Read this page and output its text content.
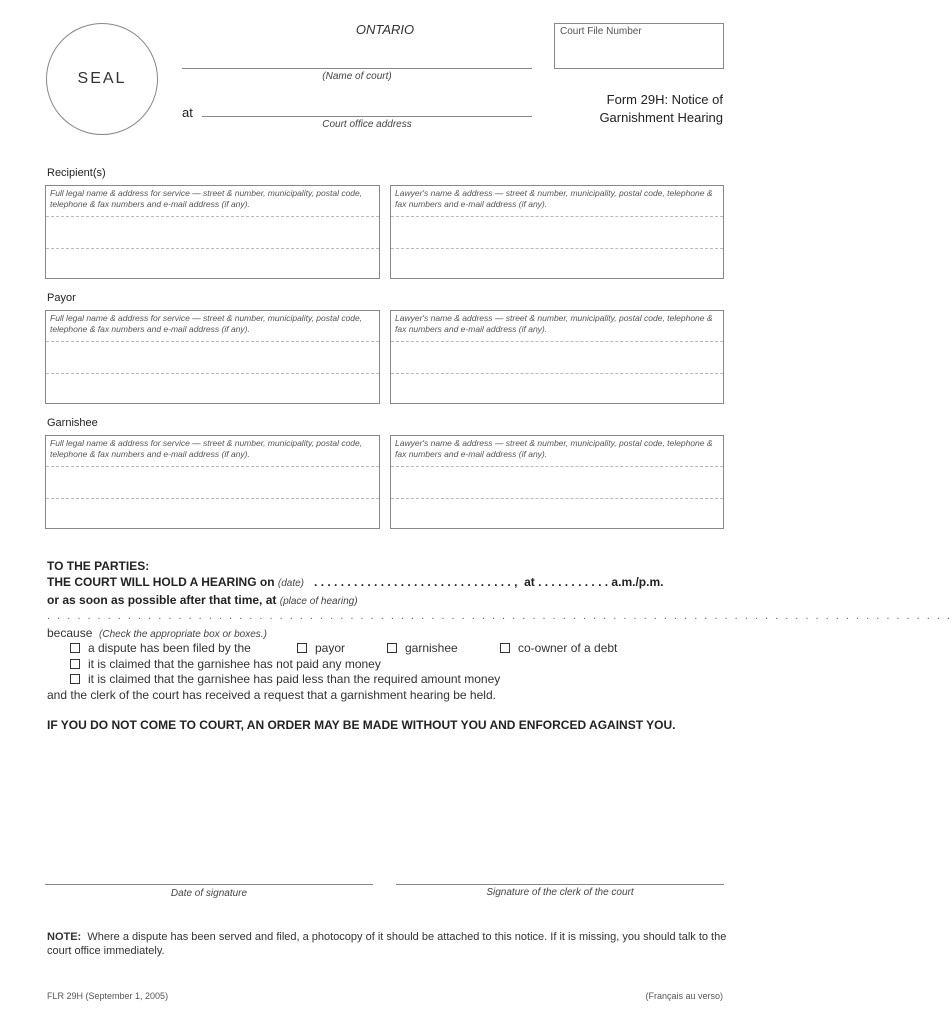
SEAL
ONTARIO	Court File Number
(Name of court)
at
Court office address
Form 29H: Notice of
Garnishment Hearing
Recipient(s)
Full legal name & address for service — street & number, municipality, postal code, telephone & fax numbers and e-mail address (if any).
Lawyer's name & address — street & number, municipality, postal code, telephone & fax numbers and e-mail address (if any).
Payor
Full legal name & address for service — street & number, municipality, postal code, telephone & fax numbers and e-mail address (if any).
Lawyer's name & address — street & number, municipality, postal code, telephone & fax numbers and e-mail address (if any).
Garnishee
Full legal name & address for service — street & number, municipality, postal code, telephone & fax numbers and e-mail address (if any).
Lawyer's name & address — street & number, municipality, postal code, telephone & fax numbers and e-mail address (if any).
TO THE PARTIES:
THE COURT WILL HOLD A HEARING on (date) . . . . . . . . . . . . . . . . . . . . . . . . . . . . . . , at . . . . . . . . . . . a.m./p.m.
or as soon as possible after that time, at (place of hearing)
. . . . . . . . . . . . . . . . . . . . . . . . . . . . . . . . . . . . . . . . . . . . . . . . . . . . . . . . . . . . . . . . . . . . . . . . . . . . . . . . . . . . . . . . . .
because (Check the appropriate box or boxes.)
a dispute has been filed by the	payor	garnishee	co-owner of a debt
it is claimed that the garnishee has not paid any money
it is claimed that the garnishee has paid less than the required amount money
and the clerk of the court has received a request that a garnishment hearing be held.
IF YOU DO NOT COME TO COURT, AN ORDER MAY BE MADE WITHOUT YOU AND ENFORCED AGAINST YOU.
Date of signature	Signature of the clerk of the court
NOTE: Where a dispute has been served and filed, a photocopy of it should be attached to this notice. If it is missing, you should talk to the court office immediately.
FLR 29H (September 1, 2005)	(Français au verso)
